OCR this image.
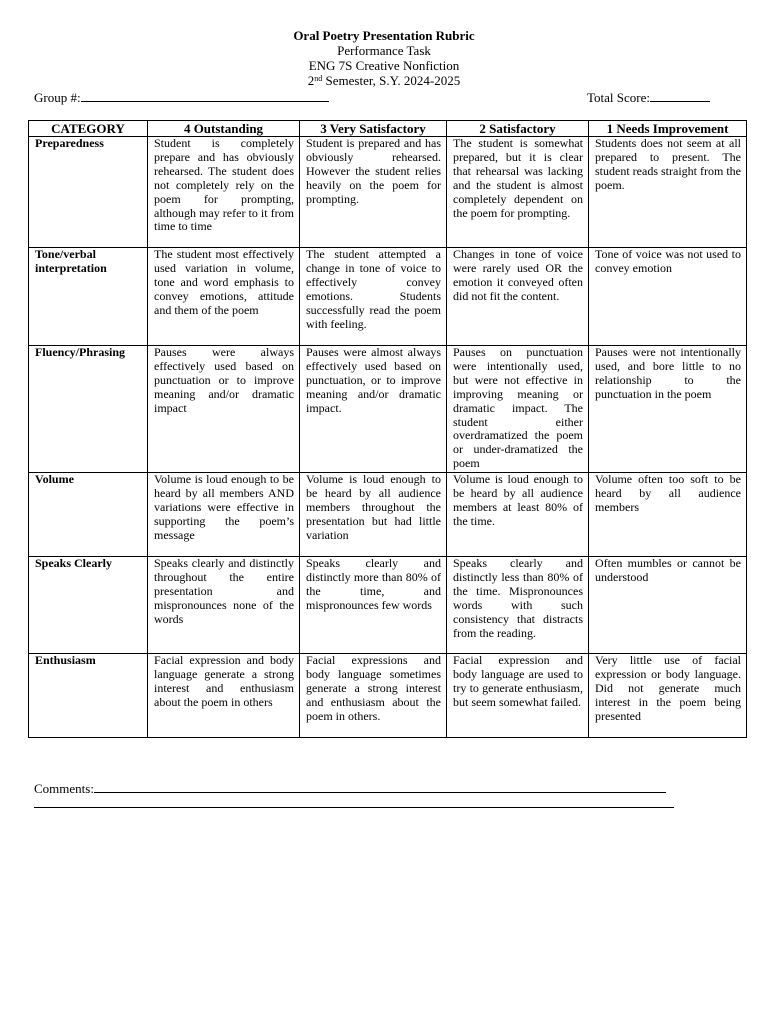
Oral Poetry Presentation Rubric
Performance Task
ENG 7S Creative Nonfiction
2nd Semester, S.Y. 2024-2025
Group #:	Total Score:
CATEGORY	4 Outstanding	3 Very Satisfactory	2 Satisfactory	1 Needs Improvement
Preparedness	Student is completely prepare and has obviously rehearsed. The student does not completely rely on the poem for prompting, although may refer to it from time to time	Student is prepared and has obviously rehearsed. However the student relies heavily on the poem for prompting.	The student is somewhat prepared, but it is clear that rehearsal was lacking and the student is almost completely dependent on the poem for prompting.	Students does not seem at all prepared to present. The student reads straight from the poem.
Tone/verbal interpretation	The student most effectively used variation in volume, tone and word emphasis to convey emotions, attitude and them of the poem	The student attempted a change in tone of voice to effectively convey emotions. Students successfully read the poem with feeling.	Changes in tone of voice were rarely used OR the emotion it conveyed often did not fit the content.	Tone of voice was not used to convey emotion
Fluency/Phrasing	Pauses were always effectively used based on punctuation or to improve meaning and/or dramatic impact	Pauses were almost always effectively used based on punctuation, or to improve meaning and/or dramatic impact.	Pauses on punctuation were intentionally used, but were not effective in improving meaning or dramatic impact. The student either overdramatized the poem or under-dramatized the poem	Pauses were not intentionally used, and bore little to no relationship to the punctuation in the poem
Volume	Volume is loud enough to be heard by all members AND variations were effective in supporting the poem’s message	Volume is loud enough to be heard by all audience members throughout the presentation but had little variation	Volume is loud enough to be heard by all audience members at least 80% of the time.	Volume often too soft to be heard by all audience members
Speaks Clearly	Speaks clearly and distinctly throughout the entire presentation and mispronounces none of the words	Speaks clearly and distinctly more than 80% of the time, and mispronounces few words	Speaks clearly and distinctly less than 80% of the time. Mispronounces words with such consistency that distracts from the reading.	Often mumbles or cannot be understood
Enthusiasm	Facial expression and body language generate a strong interest and enthusiasm about the poem in others	Facial expressions and body language sometimes generate a strong interest and enthusiasm about the poem in others.	Facial expression and body language are used to try to generate enthusiasm, but seem somewhat failed.	Very little use of facial expression or body language. Did not generate much interest in the poem being presented
Comments:
